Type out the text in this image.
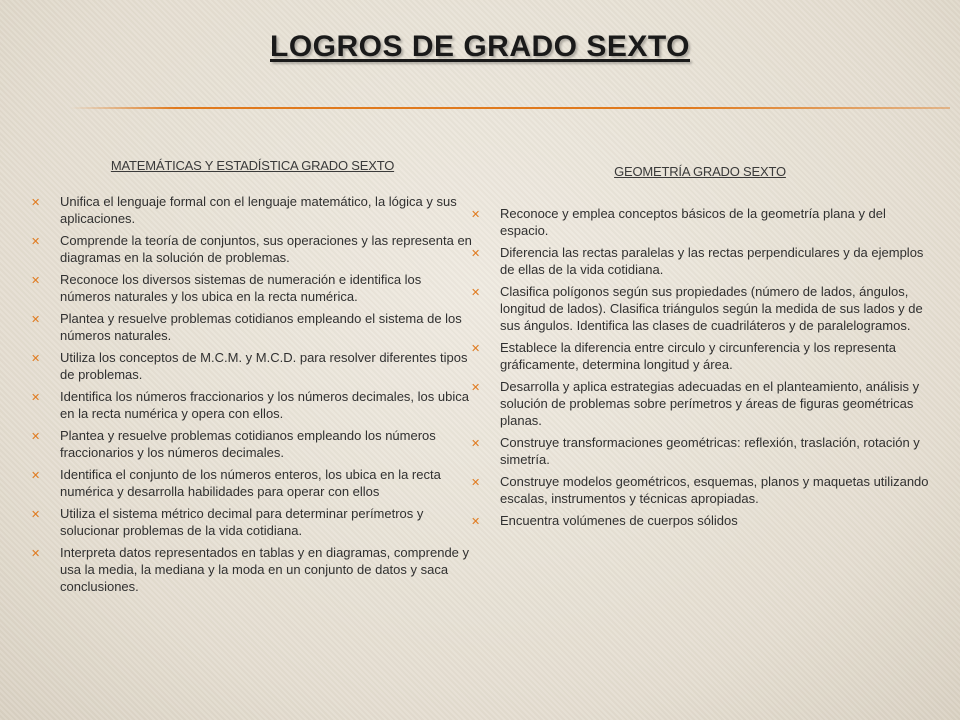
LOGROS DE GRADO SEXTO
MATEMÁTICAS Y ESTADÍSTICA GRADO SEXTO
✕ Unifica el lenguaje formal con el lenguaje matemático, la lógica y sus aplicaciones.
✕ Comprende la teoría de conjuntos, sus operaciones y las representa en diagramas en la solución de problemas.
✕ Reconoce los diversos sistemas de numeración e identifica los números naturales y los ubica en la recta numérica.
✕ Plantea y resuelve problemas cotidianos empleando el sistema de los números naturales.
✕ Utiliza los conceptos de M.C.M. y M.C.D. para resolver diferentes tipos de problemas.
✕ Identifica los números fraccionarios y los números decimales, los ubica en la recta numérica y opera con ellos.
✕ Plantea y resuelve problemas cotidianos empleando los números fraccionarios y los números decimales.
✕ Identifica el conjunto de los números enteros, los ubica en la recta numérica y desarrolla habilidades para operar con ellos
✕ Utiliza el sistema métrico decimal para determinar perímetros y solucionar problemas de la vida cotidiana.
✕ Interpreta datos representados en tablas y en diagramas, comprende y usa la media, la mediana y la moda en un conjunto de datos y saca conclusiones.
GEOMETRÍA GRADO SEXTO
✕ Reconoce y emplea conceptos básicos de la geometría plana y del espacio.
✕ Diferencia las rectas paralelas y las rectas perpendiculares y da ejemplos de ellas de la vida cotidiana.
✕ Clasifica polígonos según sus propiedades (número de lados, ángulos, longitud de lados). Clasifica triángulos según la medida de sus lados y de sus ángulos. Identifica las clases de cuadriláteros y de paralelogramos.
✕ Establece la diferencia entre circulo y circunferencia y los representa gráficamente, determina longitud y área.
✕ Desarrolla y aplica estrategias adecuadas en el planteamiento, análisis y solución de problemas sobre perímetros y áreas de figuras geométricas planas.
✕ Construye transformaciones geométricas: reflexión, traslación, rotación y simetría.
✕ Construye modelos geométricos, esquemas, planos y maquetas utilizando escalas, instrumentos y técnicas apropiadas.
✕ Encuentra volúmenes de cuerpos sólidos
